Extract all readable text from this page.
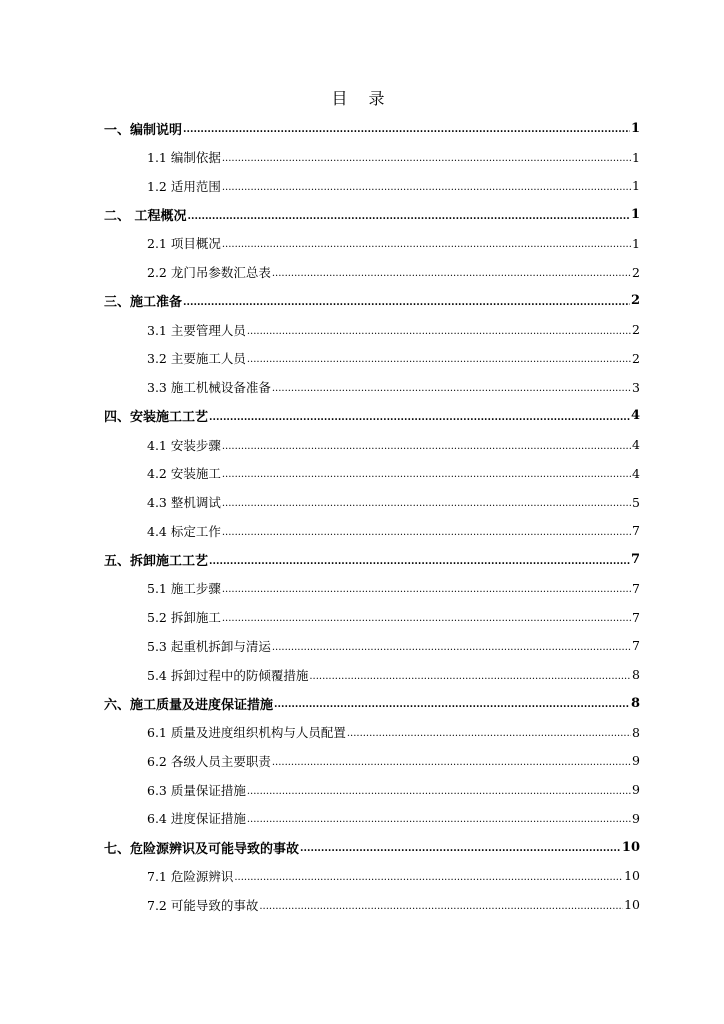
目 录
一、编制说明 .....	1
1.1 编制依据 .....	1
1.2 适用范围 .....	1
二、 工程概况 .....	1
2.1 项目概况 .....	1
2.2 龙门吊参数汇总表 .....	2
三、施工准备 .....	2
3.1 主要管理人员 .....	2
3.2 主要施工人员 .....	2
3.3 施工机械设备准备 .....	3
四、安装施工工艺 .....	4
4.1 安装步骤 .....	4
4.2 安装施工 .....	4
4.3 整机调试 .....	5
4.4 标定工作 .....	7
五、拆卸施工工艺 .....	7
5.1 施工步骤 .....	7
5.2 拆卸施工 .....	7
5.3 起重机拆卸与清运 .....	7
5.4 拆卸过程中的防倾覆措施 .....	8
六、施工质量及进度保证措施 .....	8
6.1 质量及进度组织机构与人员配置 .....	8
6.2 各级人员主要职责 .....	9
6.3 质量保证措施 .....	9
6.4 进度保证措施 .....	9
七、危险源辨识及可能导致的事故 .....	10
7.1 危险源辨识 .....	10
7.2 可能导致的事故 .....	10
